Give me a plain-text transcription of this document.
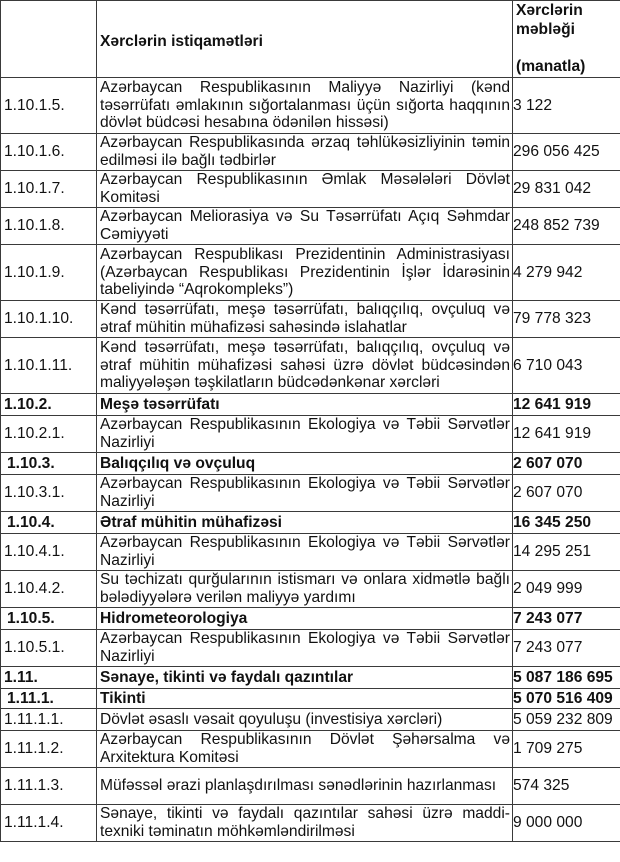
	Xərclərin istiqamətləri	Xərclərin
məbləği
(manatla)

1.10.1.5.	Azərbaycan Respublikasının Maliyyə Nazirliyi (kənd təsərrüfatı əmlakının sığortalanması üçün sığorta haqqının dövlət büdcəsi hesabına ödənilən hissəsi)	3 122
1.10.1.6.	Azərbaycan Respublikasında ərzaq təhlükəsizliyinin təmin edilməsi ilə bağlı tədbirlər	296 056 425
1.10.1.7.	Azərbaycan Respublikasının Əmlak Məsələləri Dövlət Komitəsi	29 831 042
1.10.1.8.	Azərbaycan Meliorasiya və Su Təsərrüfatı Açıq Səhmdar Cəmiyyəti	248 852 739
1.10.1.9.	Azərbaycan Respublikası Prezidentinin Administrasiyası (Azərbaycan Respublikası Prezidentinin İşlər İdarəsinin tabeliyində “Aqrokompleks”)	4 279 942
1.10.1.10.	Kənd təsərrüfatı, meşə təsərrüfatı, balıqçılıq, ovçuluq və ətraf mühitin mühafizəsi sahəsində islahatlar	79 778 323
1.10.1.11.	Kənd təsərrüfatı, meşə təsərrüfatı, balıqçılıq, ovçuluq və ətraf mühitin mühafizəsi sahəsi üzrə dövlət büdcəsindən maliyyələşən təşkilatların büdcədənkənar xərcləri	6 710 043
1.10.2.	Meşə təsərrüfatı	12 641 919
1.10.2.1.	Azərbaycan Respublikasının Ekologiya və Təbii Sərvətlər Nazirliyi	12 641 919
1.10.3.	Balıqçılıq və ovçuluq	2 607 070
1.10.3.1.	Azərbaycan Respublikasının Ekologiya və Təbii Sərvətlər Nazirliyi	2 607 070
1.10.4.	Ətraf mühitin mühafizəsi	16 345 250
1.10.4.1.	Azərbaycan Respublikasının Ekologiya və Təbii Sərvətlər Nazirliyi	14 295 251
1.10.4.2.	Su təchizatı qurğularının istismarı və onlara xidmətlə bağlı bələdiyyələrə verilən maliyyə yardımı	2 049 999
1.10.5.	Hidrometeorologiya	7 243 077
1.10.5.1.	Azərbaycan Respublikasının Ekologiya və Təbii Sərvətlər Nazirliyi	7 243 077
1.11.	Sənaye, tikinti və faydalı qazıntılar	5 087 186 695
1.11.1.	Tikinti	5 070 516 409
1.11.1.1.	Dövlət əsaslı vəsait qoyuluşu (investisiya xərcləri)	5 059 232 809
1.11.1.2.	Azərbaycan Respublikasının Dövlət Şəhərsalma və Arxitektura Komitəsi	1 709 275
1.11.1.3.	Müfəssəl ərazi planlaşdırılması sənədlərinin hazırlanması	574 325
1.11.1.4.	Sənaye, tikinti və faydalı qazıntılar sahəsi üzrə maddi-texniki təminatın möhkəmləndirilməsi	9 000 000
